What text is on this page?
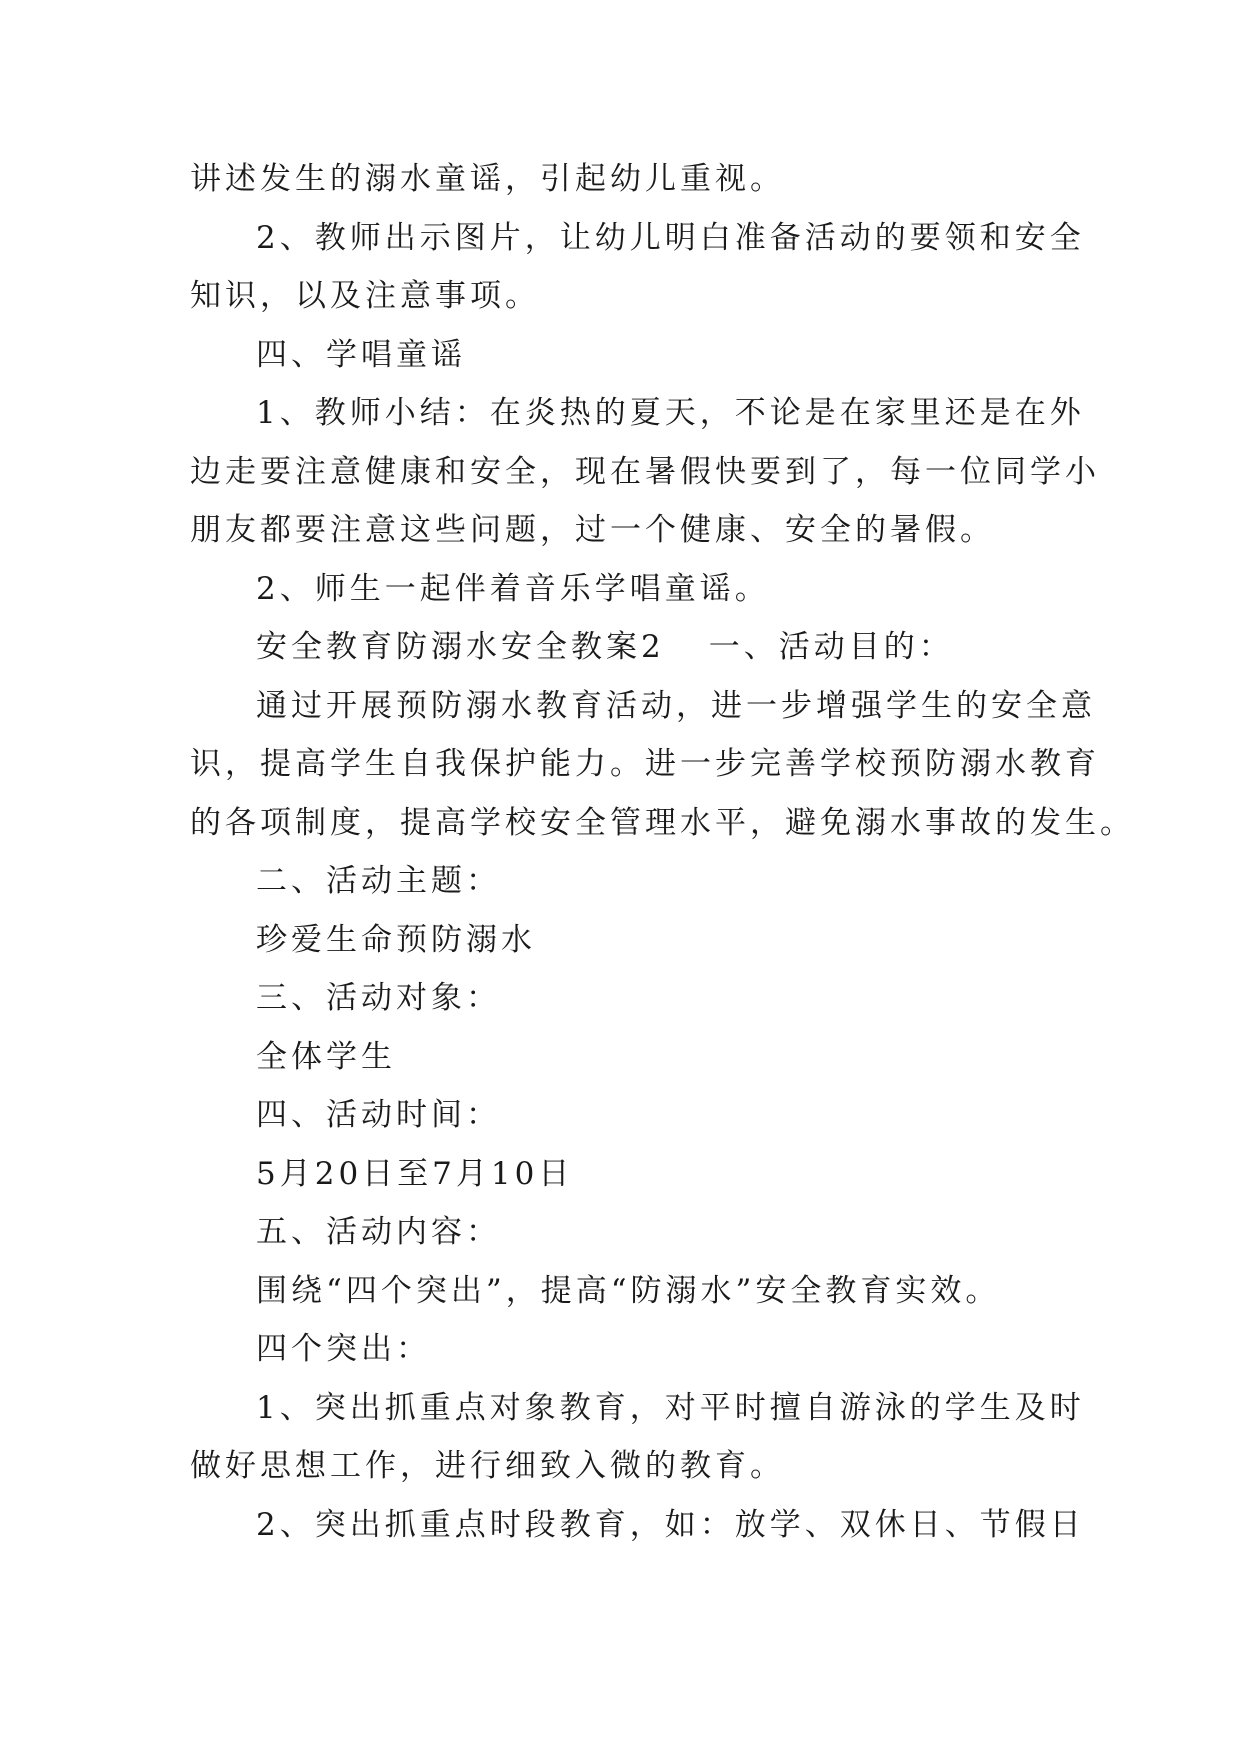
讲述发生的溺水童谣，引起幼儿重视。
2、教师出示图片，让幼儿明白准备活动的要领和安全
知识，以及注意事项。
四、学唱童谣
1、教师小结：在炎热的夏天，不论是在家里还是在外
边走要注意健康和安全，现在暑假快要到了，每一位同学小
朋友都要注意这些问题，过一个健康、安全的暑假。
2、师生一起伴着音乐学唱童谣。
安全教育防溺水安全教案2 一、活动目的：
通过开展预防溺水教育活动，进一步增强学生的安全意
识，提高学生自我保护能力。进一步完善学校预防溺水教育
的各项制度，提高学校安全管理水平，避免溺水事故的发生。
二、活动主题：
珍爱生命预防溺水
三、活动对象：
全体学生
四、活动时间：
5月20日至7月10日
五、活动内容：
围绕“四个突出”，提高“防溺水”安全教育实效。
四个突出：
1、突出抓重点对象教育，对平时擅自游泳的学生及时
做好思想工作，进行细致入微的教育。
2、突出抓重点时段教育，如：放学、双休日、节假日
